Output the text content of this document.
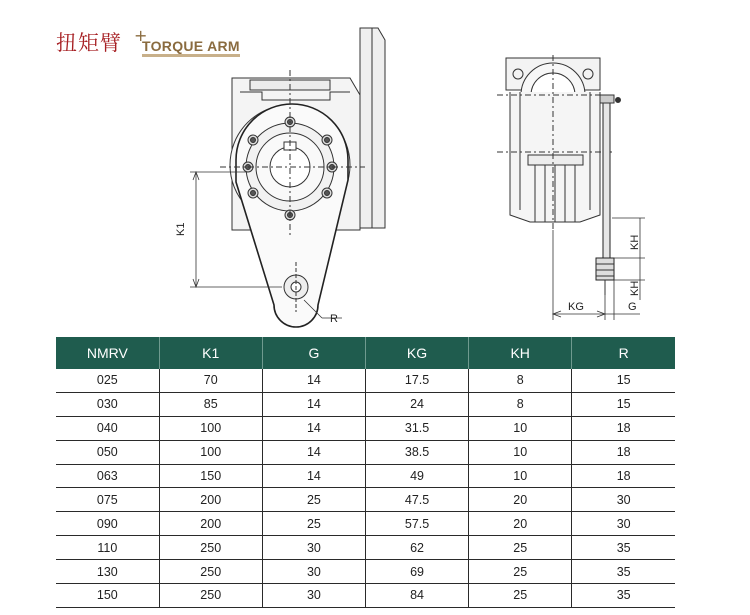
扭矩臂 +
TORQUE ARM
K1
R
KG	G
KH
KH
NMRV	K1	G	KG	KH	R
025	70	14	17.5	8	15
030	85	14	24	8	15
040	100	14	31.5	10	18
050	100	14	38.5	10	18
063	150	14	49	10	18
075	200	25	47.5	20	30
090	200	25	57.5	20	30
110	250	30	62	25	35
130	250	30	69	25	35
150	250	30	84	25	35
